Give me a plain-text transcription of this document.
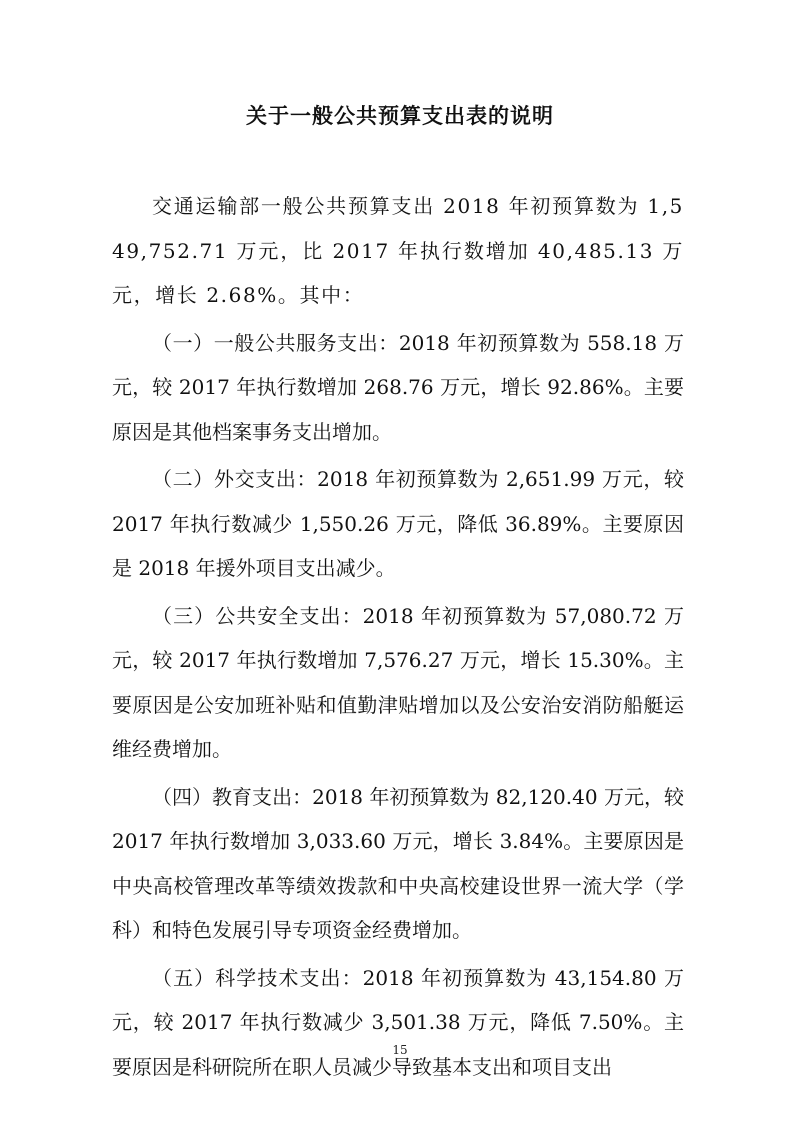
关于一般公共预算支出表的说明

交通运输部一般公共预算支出 2018 年初预算数为 1,549,752.71 万元，比 2017 年执行数增加 40,485.13 万元，增长 2.68%。其中：

（一）一般公共服务支出：2018 年初预算数为 558.18 万元，较 2017 年执行数增加 268.76 万元，增长 92.86%。主要原因是其他档案事务支出增加。

（二）外交支出：2018 年初预算数为 2,651.99 万元，较 2017 年执行数减少 1,550.26 万元，降低 36.89%。主要原因是 2018 年援外项目支出减少。

（三）公共安全支出：2018 年初预算数为 57,080.72 万元，较 2017 年执行数增加 7,576.27 万元，增长 15.30%。主要原因是公安加班补贴和值勤津贴增加以及公安治安消防船艇运维经费增加。

（四）教育支出：2018 年初预算数为 82,120.40 万元，较 2017 年执行数增加 3,033.60 万元，增长 3.84%。主要原因是中央高校管理改革等绩效拨款和中央高校建设世界一流大学（学科）和特色发展引导专项资金经费增加。

（五）科学技术支出：2018 年初预算数为 43,154.80 万元，较 2017 年执行数减少 3,501.38 万元，降低 7.50%。主要原因是科研院所在职人员减少导致基本支出和项目支出

15
